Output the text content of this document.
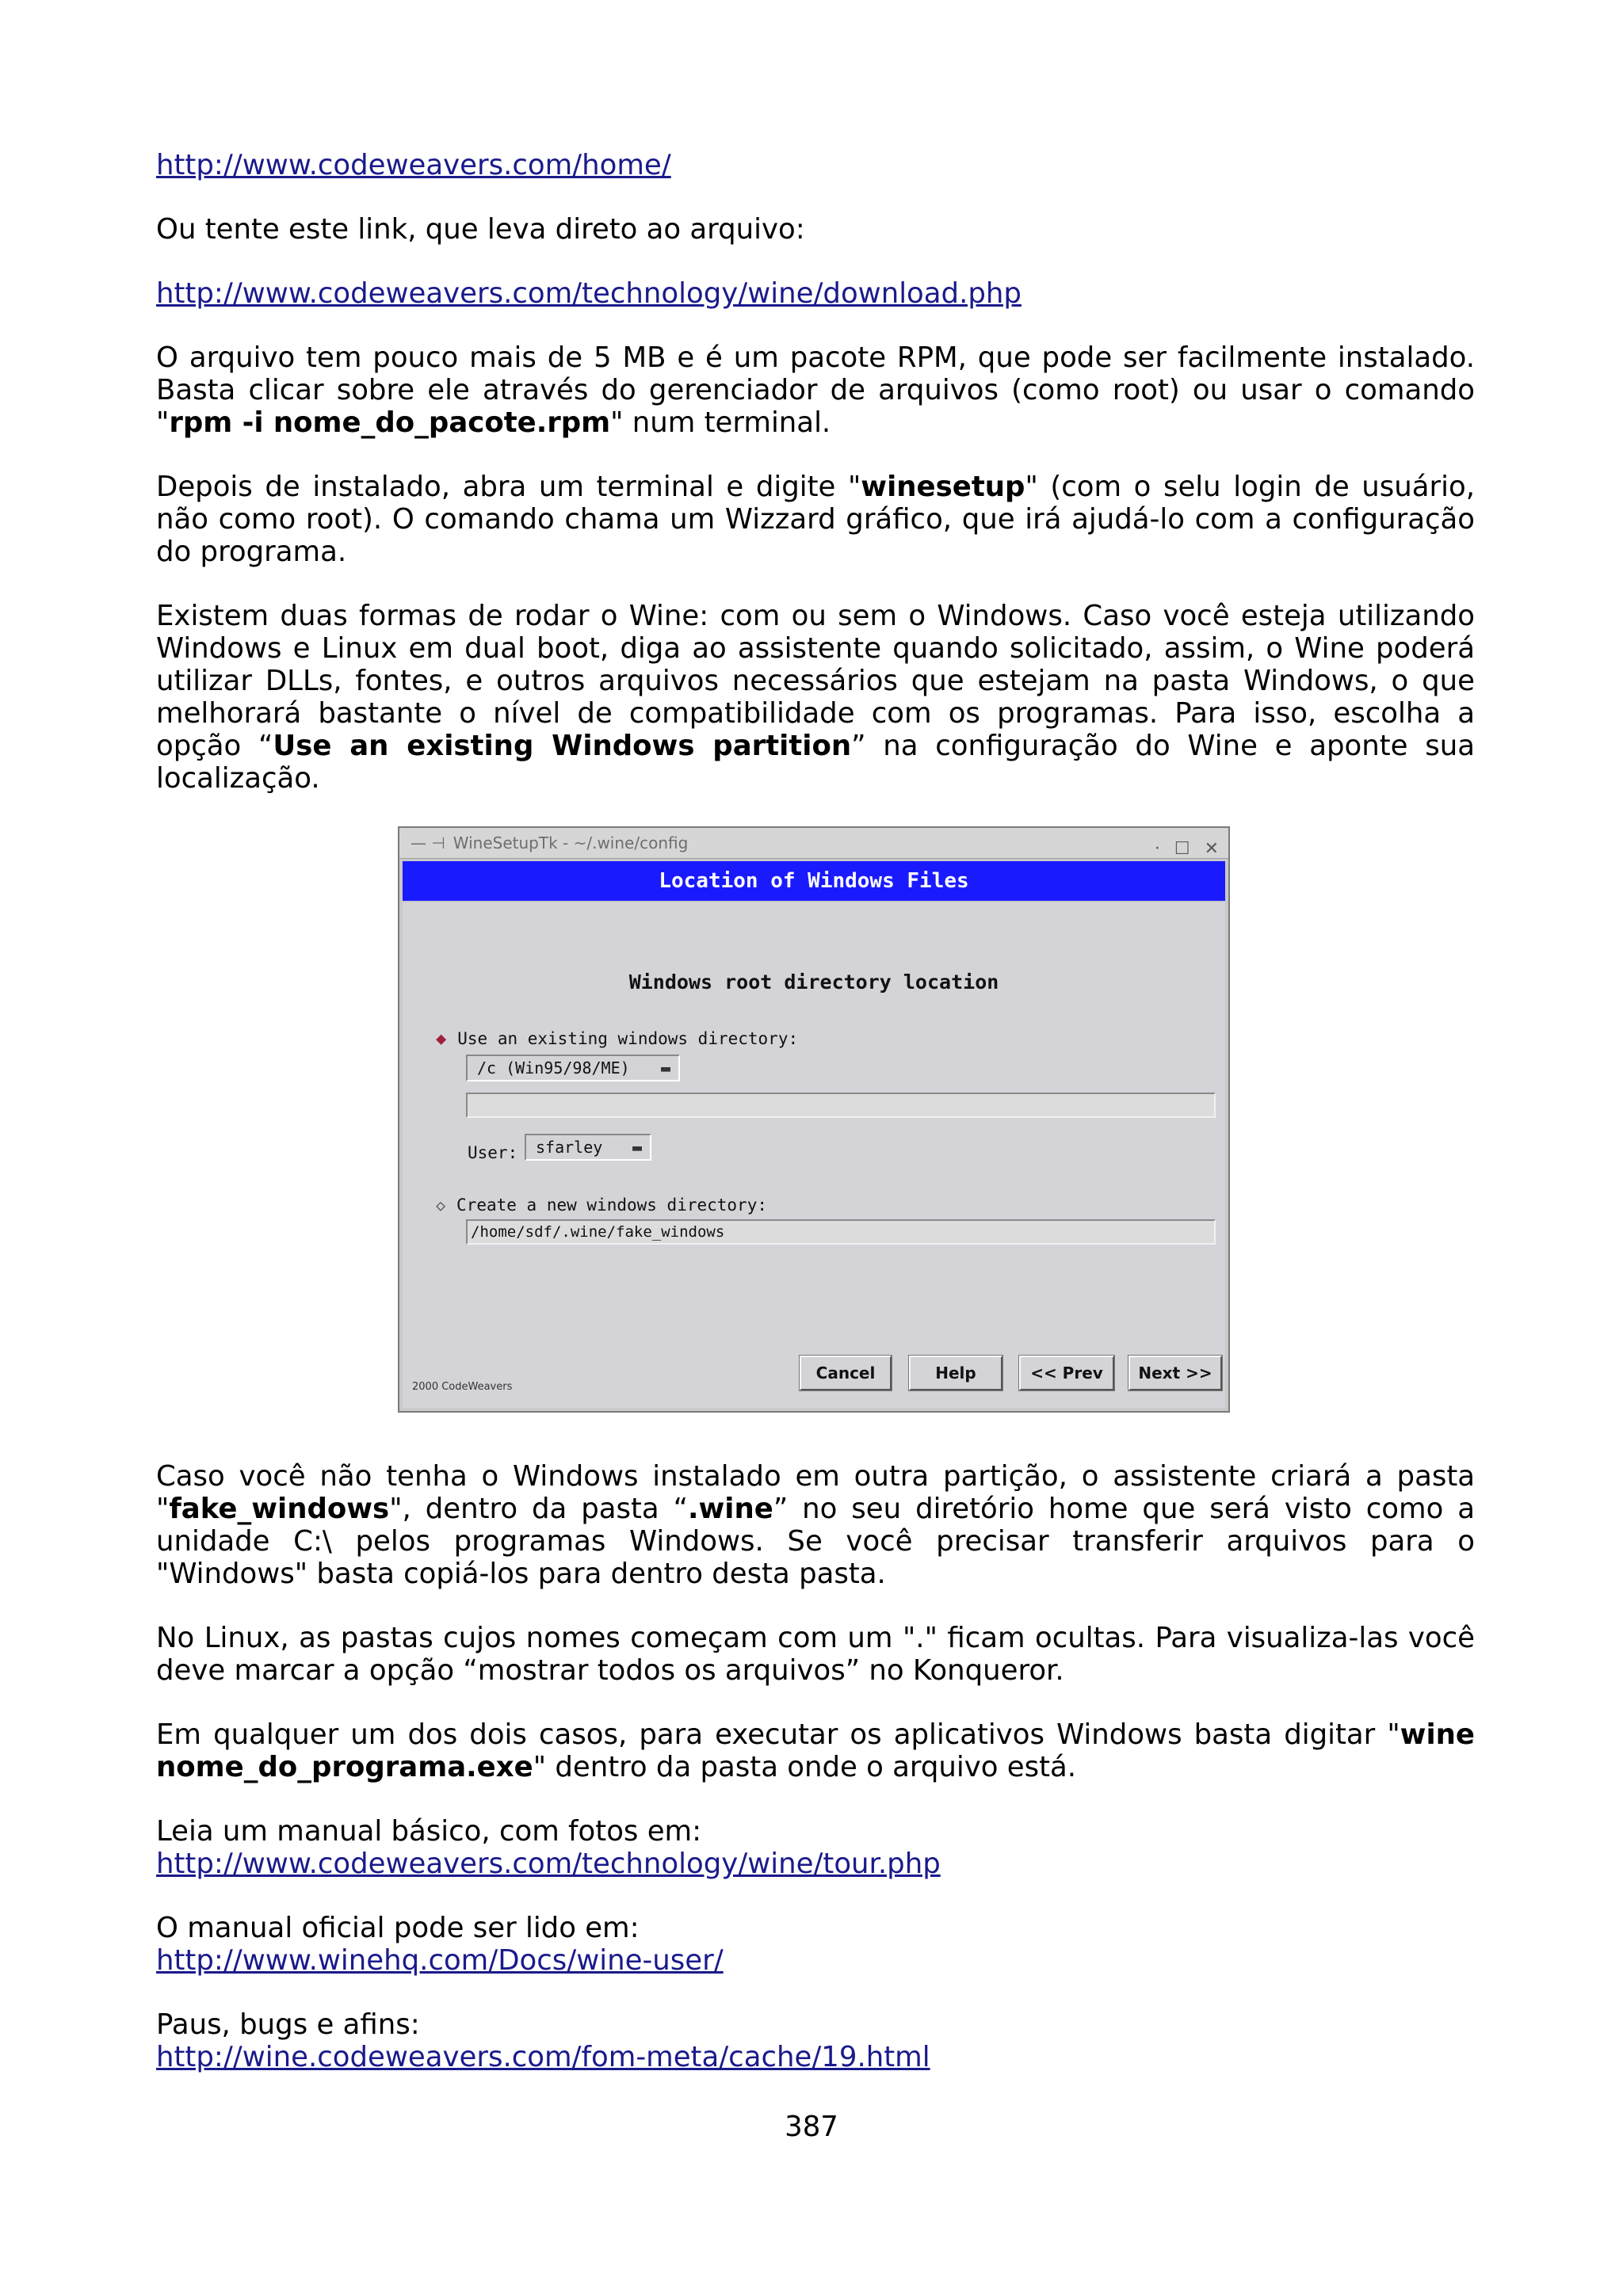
http://www.codeweavers.com/home/

Ou tente este link, que leva direto ao arquivo:

http://www.codeweavers.com/technology/wine/download.php

O arquivo tem pouco mais de 5 MB e é um pacote RPM, que pode ser facilmente instalado. Basta clicar sobre ele através do gerenciador de arquivos (como root) ou usar o comando "rpm -i nome_do_pacote.rpm" num terminal.

Depois de instalado, abra um terminal e digite "winesetup" (com o selu login de usuário, não como root). O comando chama um Wizzard gráfico, que irá ajudá-lo com a configuração do programa.

Existem duas formas de rodar o Wine: com ou sem o Windows. Caso você esteja utilizando Windows e Linux em dual boot, diga ao assistente quando solicitado, assim, o Wine poderá utilizar DLLs, fontes, e outros arquivos necessários que estejam na pasta Windows, o que melhorará bastante o nível de compatibilidade com os programas. Para isso, escolha a opção “Use an existing Windows partition” na configuração do Wine e aponte sua localização.

— ⊣ WineSetupTk - ~/.wine/config	· ☐ ✕
Location of Windows Files
Windows root directory location
◆ Use an existing windows directory:
/c (Win95/98/ME) ▬
User: sfarley ▬
◇ Create a new windows directory:
/home/sdf/.wine/fake_windows
2000 CodeWeavers
Cancel	Help	<< Prev	Next >>

Caso você não tenha o Windows instalado em outra partição, o assistente criará a pasta "fake_windows", dentro da pasta “.wine” no seu diretório home que será visto como a unidade C:\ pelos programas Windows. Se você precisar transferir arquivos para o "Windows" basta copiá-los para dentro desta pasta.

No Linux, as pastas cujos nomes começam com um "." ficam ocultas. Para visualiza-las você deve marcar a opção “mostrar todos os arquivos” no Konqueror.

Em qualquer um dos dois casos, para executar os aplicativos Windows basta digitar "wine nome_do_programa.exe" dentro da pasta onde o arquivo está.

Leia um manual básico, com fotos em:
http://www.codeweavers.com/technology/wine/tour.php

O manual oficial pode ser lido em:
http://www.winehq.com/Docs/wine-user/

Paus, bugs e afins:
http://wine.codeweavers.com/fom-meta/cache/19.html

387
